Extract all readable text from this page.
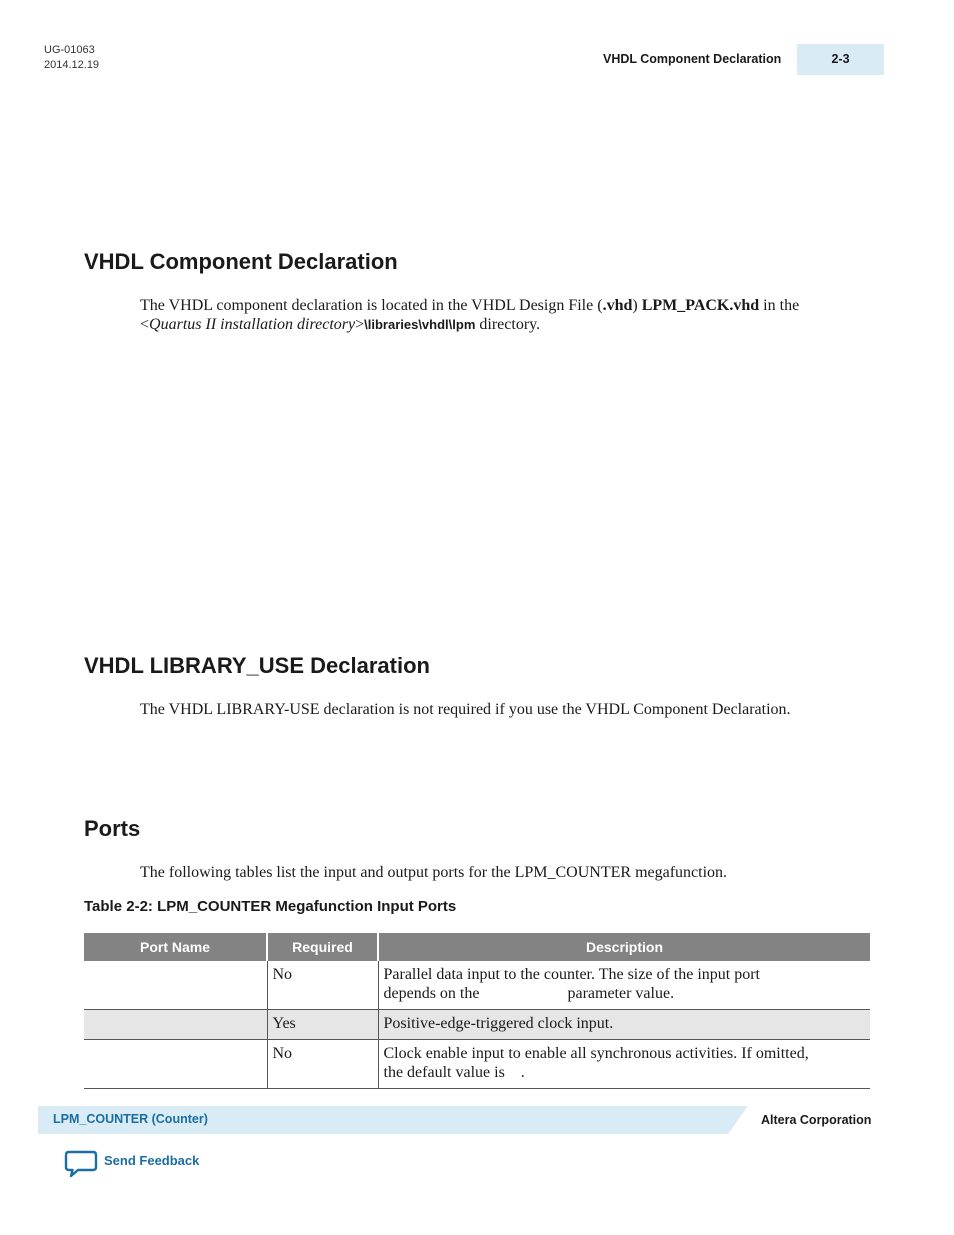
UG-01063
2014.12.19	VHDL Component Declaration	2-3
VHDL Component Declaration
The VHDL component declaration is located in the VHDL Design File (.vhd) LPM_PACK.vhd in the
<Quartus II installation directory>\libraries\vhdl\lpm directory.
VHDL LIBRARY_USE Declaration
The VHDL LIBRARY-USE declaration is not required if you use the VHDL Component Declaration.
Ports
The following tables list the input and output ports for the LPM_COUNTER megafunction.
Table 2-2: LPM_COUNTER Megafunction Input Ports
Port Name	Required	Description
	No	Parallel data input to the counter. The size of the input port
depends on the                      parameter value.
	Yes	Positive-edge-triggered clock input.
	No	Clock enable input to enable all synchronous activities. If omitted,
the default value is    .
LPM_COUNTER (Counter)	Altera Corporation
Send Feedback
